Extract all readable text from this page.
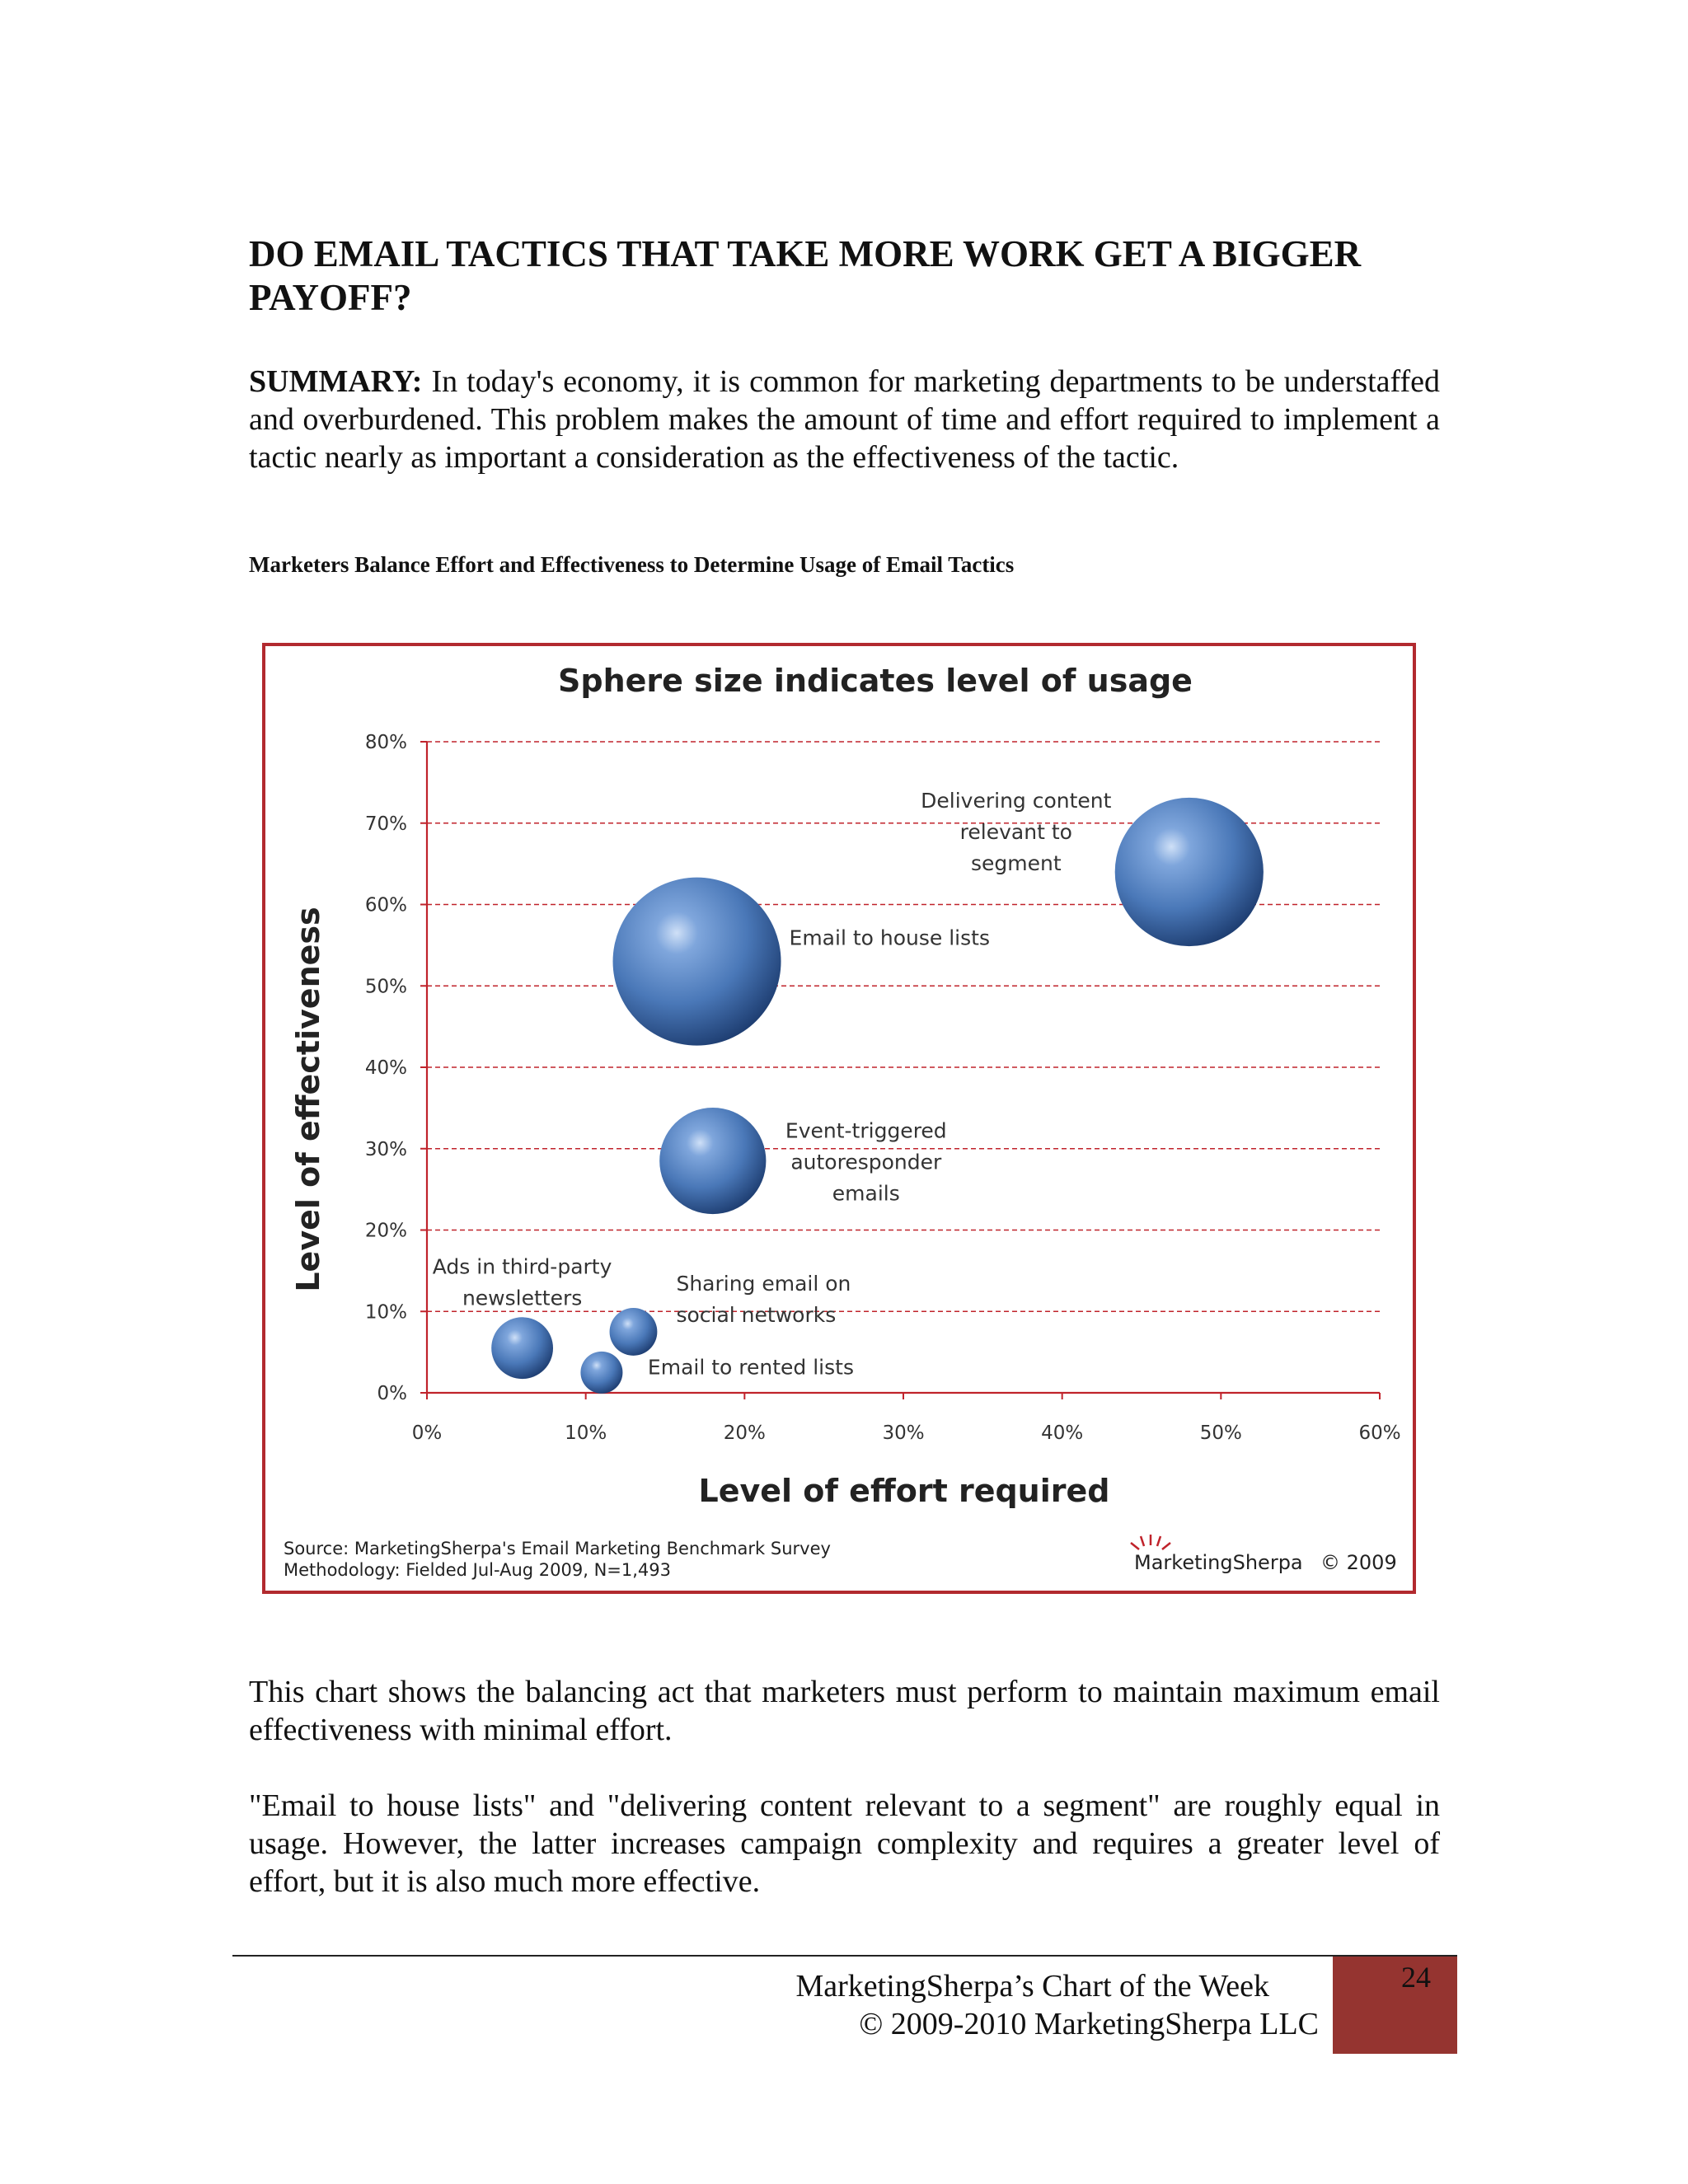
DO EMAIL TACTICS THAT TAKE MORE WORK GET A BIGGER PAYOFF?

SUMMARY: In today's economy, it is common for marketing departments to be understaffed and overburdened. This problem makes the amount of time and effort required to implement a tactic nearly as important a consideration as the effectiveness of the tactic.

Marketers Balance Effort and Effectiveness to Determine Usage of Email Tactics

Sphere size indicates level of usage
Level of effectiveness
Level of effort required
0%
10%
20%
30%
40%
50%
60%
70%
80%
0%	10%	20%	30%	40%	50%	60%
Delivering content
relevant to
segment
Email to house lists
Event-triggered
autoresponder
emails
Ads in third-party
newsletters
Sharing email on
social networks
Email to rented lists
Source: MarketingSherpa's Email Marketing Benchmark Survey
Methodology: Fielded Jul-Aug 2009, N=1,493	MarketingSherpa © 2009

This chart shows the balancing act that marketers must perform to maintain maximum email effectiveness with minimal effort.

"Email to house lists" and "delivering content relevant to a segment" are roughly equal in usage. However, the latter increases campaign complexity and requires a greater level of effort, but it is also much more effective.

MarketingSherpa’s Chart of the Week
© 2009-2010 MarketingSherpa LLC
24
